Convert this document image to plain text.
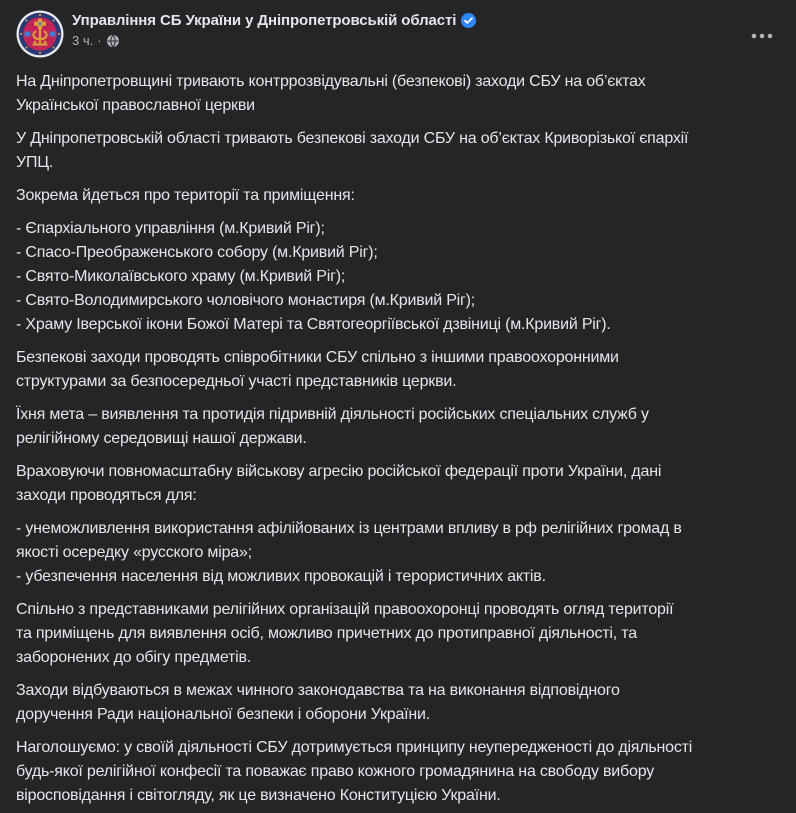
Управління СБ України у Дніпропетровській області
3 ч. ·
На Дніпропетровщині тривають контррозвідувальні (безпекові) заходи СБУ на об’єктах
Української православної церкви
У Дніпропетровській області тривають безпекові заходи СБУ на об’єктах Криворізької єпархії
УПЦ.
Зокрема йдеться про території та приміщення:
- Єпархіального управління (м.Кривий Ріг);
- Спасо-Преображенського собору (м.Кривий Ріг);
- Свято-Миколаївського храму (м.Кривий Ріг);
- Свято-Володимирського чоловічого монастиря (м.Кривий Ріг);
- Храму Іверської ікони Божої Матері та Святогеоргіївської дзвіниці (м.Кривий Ріг).
Безпекові заходи проводять співробітники СБУ спільно з іншими правоохоронними
структурами за безпосередньої участі представників церкви.
Їхня мета – виявлення та протидія підривній діяльності російських спеціальних служб у
релігійному середовищі нашої держави.
Враховуючи повномасштабну військову агресію російської федерації проти України, дані
заходи проводяться для:
- унеможливлення використання афілійованих із центрами впливу в рф релігійних громад в
якості осередку «русского міра»;
- убезпечення населення від можливих провокацій і терористичних актів.
Спільно з представниками релігійних організацій правоохоронці проводять огляд території
та приміщень для виявлення осіб, можливо причетних до протиправної діяльності, та
заборонених до обігу предметів.
Заходи відбуваються в межах чинного законодавства та на виконання відповідного
доручення Ради національної безпеки і оборони України.
Наголошуємо: у своїй діяльності СБУ дотримується принципу неупередженості до діяльності
будь-якої релігійної конфесії та поважає право кожного громадянина на свободу вибору
віросповідання і світогляду, як це визначено Конституцією України.
